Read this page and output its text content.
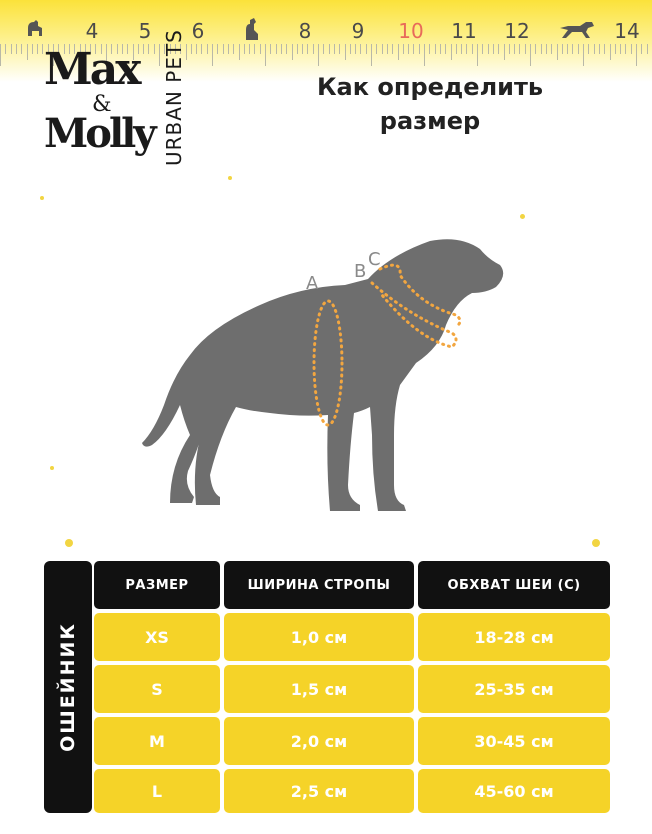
4 5 6	8 9 10 11 12	14
Max
&
Molly URBAN PETS	Как определить
размер
A
B
C
ОШЕЙНИК
РАЗМЕР	ШИРИНА СТРОПЫ	ОБХВАТ ШЕИ (С)
XS	1,0 см	18-28 см
S	1,5 см	25-35 см
M	2,0 см	30-45 см
L	2,5 см	45-60 см
